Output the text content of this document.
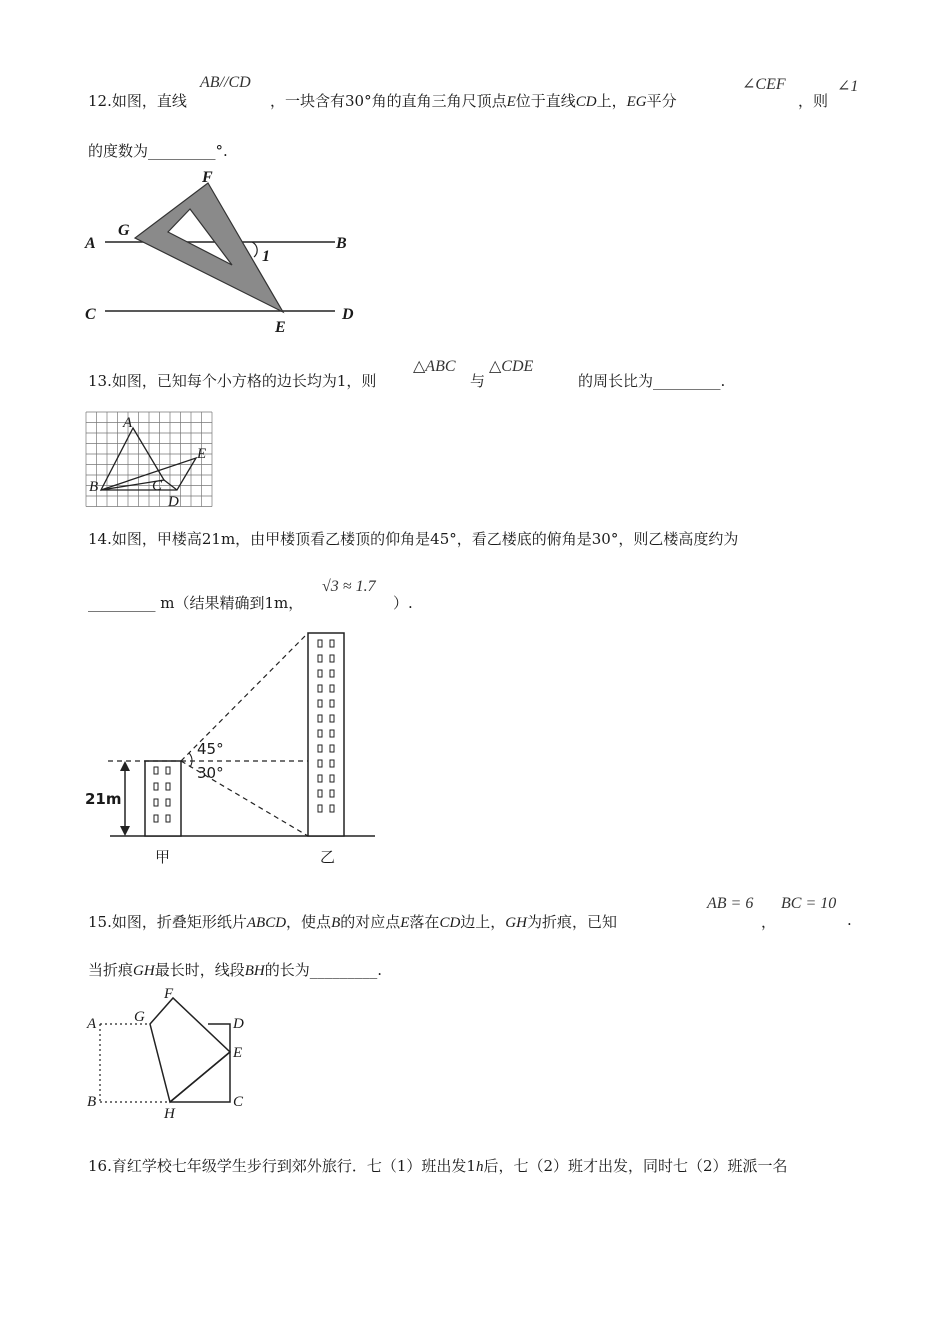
12.如图，直线
AB//CD
，一块含有30°角的直角三角尺顶点E位于直线CD上，EG平分
∠CEF
，则
∠1
的度数为_________°.
A	B
C	D
E
F
G
1
13.如图，已知每个小方格的边长均为1，则
△ABC
与
△CDE
的周长比为_________.
A
B	C
D
E
14.如图，甲楼高21m，由甲楼顶看乙楼顶的仰角是45°，看乙楼底的俯角是30°，则乙楼高度约为
_________ m（结果精确到1m，
√3 ≈ 1.7
）.
45°
30°
21m
甲	乙
15.如图，折叠矩形纸片ABCD，使点B的对应点E落在CD边上，GH为折痕，已知
AB = 6
，
BC = 10
.
当折痕GH最长时，线段BH的长为_________.
A
B	C
D
E
F
G
H
16.育红学校七年级学生步行到郊外旅行．七（1）班出发1h后，七（2）班才出发，同时七（2）班派一名
